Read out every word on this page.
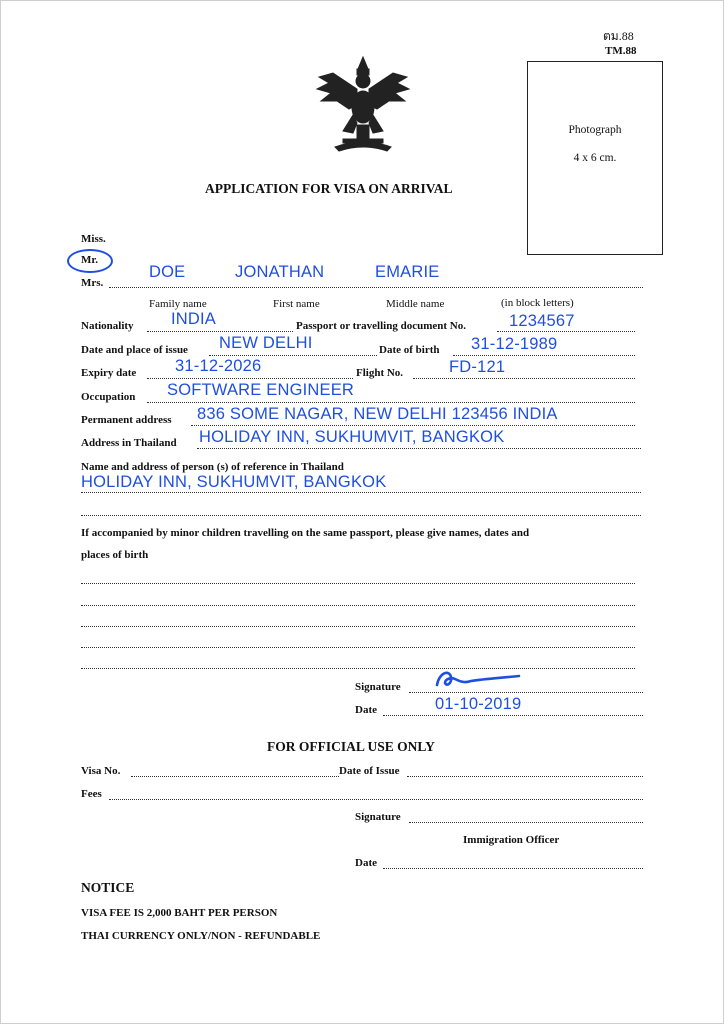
ตม.88
TM.88
APPLICATION FOR VISA ON ARRIVAL
Photograph
4 x 6 cm.
Miss.
Mr.
Mrs.
DOE	JONATHAN	EMARIE
Family name	First name	Middle name	(in block letters)
Nationality INDIA	Passport or travelling document No.	1234567
Date and place of issue NEW DELHI	Date of birth 31-12-1989
Expiry date 31-12-2026	Flight No.	FD-121
Occupation SOFTWARE ENGINEER
Permanent address 836 SOME NAGAR, NEW DELHI 123456 INDIA
Address in Thailand HOLIDAY INN, SUKHUMVIT, BANGKOK
Name and address of person (s) of reference in Thailand
HOLIDAY INN, SUKHUMVIT, BANGKOK
If accompanied by minor children travelling on the same passport, please give names, dates and
places of birth
Signature
Date	01-10-2019
FOR OFFICIAL USE ONLY
Visa No.	Date of Issue
Fees
Signature
Immigration Officer
Date
NOTICE
VISA FEE IS 2,000 BAHT PER PERSON
THAI CURRENCY ONLY/NON - REFUNDABLE
